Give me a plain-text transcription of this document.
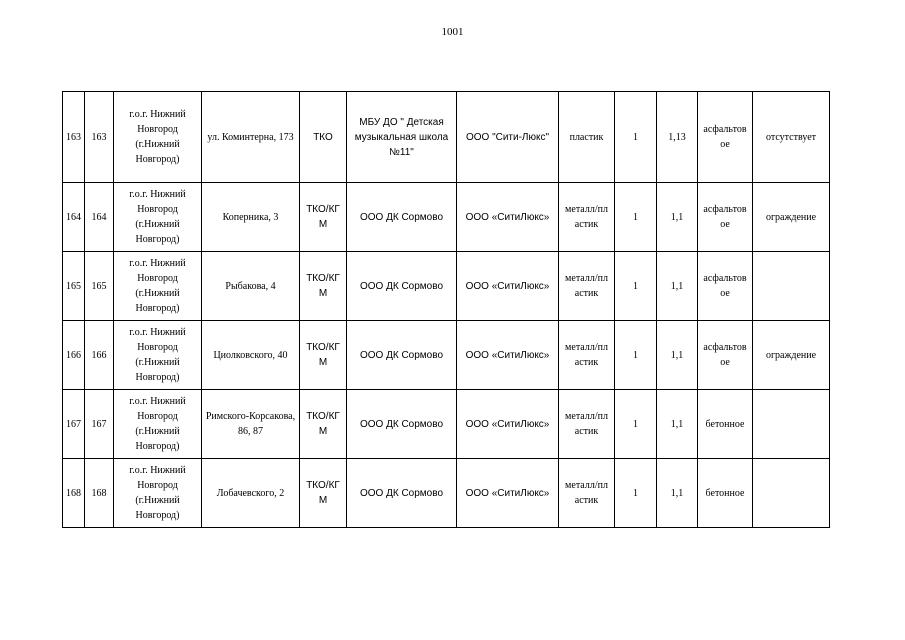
1001
163	163	г.о.г. Нижний Новгород (г.Нижний Новгород)	ул. Коминтерна, 173	ТКО	МБУ ДО " Детская музыкальная школа №11"	ООО "Сити-Люкс"	пластик	1	1,13	асфальтов ое	отсутствует
164	164	г.о.г. Нижний Новгород (г.Нижний Новгород)	Коперника, 3	ТКО/КГ М	ООО ДК Сормово	ООО «СитиЛюкс»	металл/пл астик	1	1,1	асфальтов ое	ограждение
165	165	г.о.г. Нижний Новгород (г.Нижний Новгород)	Рыбакова, 4	ТКО/КГ М	ООО ДК Сормово	ООО «СитиЛюкс»	металл/пл астик	1	1,1	асфальтов ое	
166	166	г.о.г. Нижний Новгород (г.Нижний Новгород)	Циолковского, 40	ТКО/КГ М	ООО ДК Сормово	ООО «СитиЛюкс»	металл/пл астик	1	1,1	асфальтов ое	ограждение
167	167	г.о.г. Нижний Новгород (г.Нижний Новгород)	Римского-Корсакова, 86, 87	ТКО/КГ М	ООО ДК Сормово	ООО «СитиЛюкс»	металл/пл астик	1	1,1	бетонное	
168	168	г.о.г. Нижний Новгород (г.Нижний Новгород)	Лобачевского, 2	ТКО/КГ М	ООО ДК Сормово	ООО «СитиЛюкс»	металл/пл астик	1	1,1	бетонное	
